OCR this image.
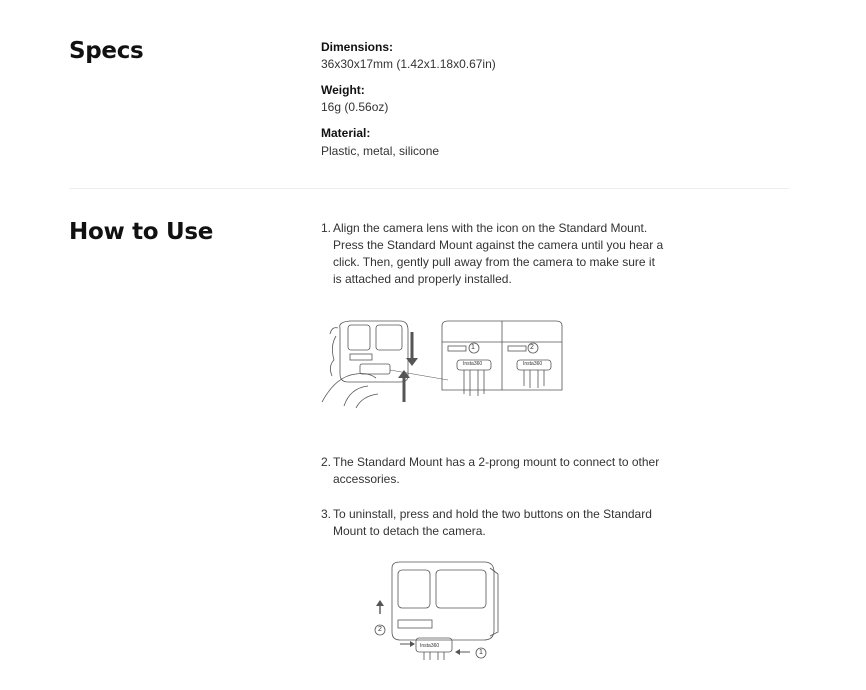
Specs	Dimensions:
36x30x17mm (1.42x1.18x0.67in)
Weight:
16g (0.56oz)
Material:
Plastic, metal, silicone
How to Use	1. Align the camera lens with the icon on the Standard Mount.
Press the Standard Mount against the camera until you hear a
click. Then, gently pull away from the camera to make sure it
is attached and properly installed.
1	2
Insta360	Insta360
2. The Standard Mount has a 2-prong mount to connect to other
accessories.
3. To uninstall, press and hold the two buttons on the Standard
Mount to detach the camera.
2
1
Insta360
